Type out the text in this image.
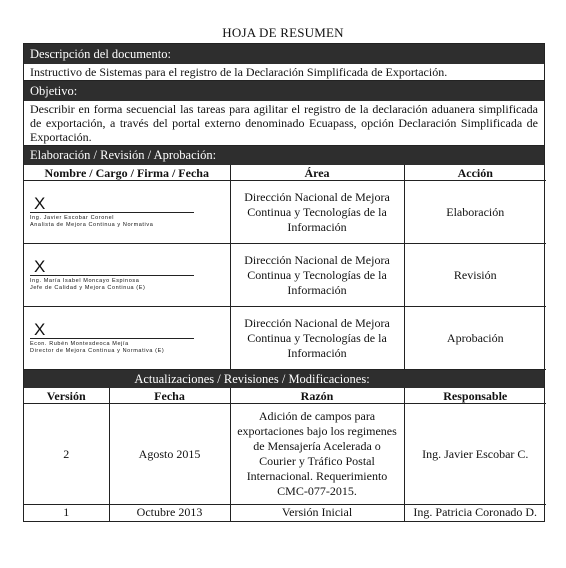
HOJA DE RESUMEN
Descripción del documento:
Instructivo de Sistemas para el registro de la Declaración Simplificada de Exportación.
Objetivo:
Describir en forma secuencial las tareas para agilitar el registro de la declaración aduanera simplificada de exportación, a través del portal externo denominado Ecuapass, opción Declaración Simplificada de Exportación.
Elaboración / Revisión / Aprobación:
Nombre / Cargo / Firma / Fecha	Área	Acción

X
Ing. Javier Escobar Coronel
Analista de Mejora Continua y Normativa	Dirección Nacional de Mejora Continua y Tecnologías de la Información	Elaboración

X
Ing. María Isabel Moncayo Espinosa
Jefe de Calidad y Mejora Continua (E)	Dirección Nacional de Mejora Continua y Tecnologías de la Información	Revisión

X
Econ. Rubén Montesdeoca Mejía
Director de Mejora Continua y Normativa (E)	Dirección Nacional de Mejora Continua y Tecnologías de la Información	Aprobación
Actualizaciones / Revisiones / Modificaciones:
Versión	Fecha	Razón	Responsable
2	Agosto 2015	Adición de campos para exportaciones bajo los regimenes de Mensajería Acelerada o Courier y Tráfico Postal Internacional. Requerimiento CMC-077-2015.	Ing. Javier Escobar C.
1	Octubre 2013	Versión Inicial	Ing. Patricia Coronado D.
